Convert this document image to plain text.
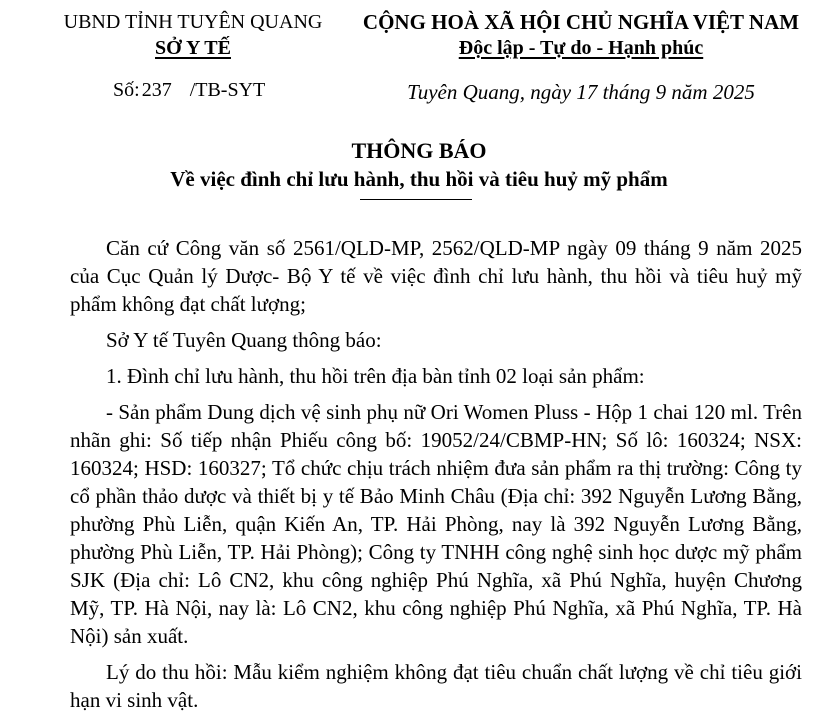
UBND TỈNH TUYÊN QUANG
SỞ Y TẾ
CỘNG HOÀ XÃ HỘI CHỦ NGHĨA VIỆT NAM
Độc lập - Tự do - Hạnh phúc
Số: 237 /TB-SYT	Tuyên Quang, ngày 17 tháng 9 năm 2025
THÔNG BÁO
Về việc đình chỉ lưu hành, thu hồi và tiêu huỷ mỹ phẩm

Căn cứ Công văn số 2561/QLD-MP, 2562/QLD-MP ngày 09 tháng 9 năm 2025 của Cục Quản lý Dược- Bộ Y tế về việc đình chỉ lưu hành, thu hồi và tiêu huỷ mỹ phẩm không đạt chất lượng;

Sở Y tế Tuyên Quang thông báo:

1. Đình chỉ lưu hành, thu hồi trên địa bàn tỉnh 02 loại sản phẩm:

- Sản phẩm Dung dịch vệ sinh phụ nữ Ori Women Pluss - Hộp 1 chai 120 ml. Trên nhãn ghi: Số tiếp nhận Phiếu công bố: 19052/24/CBMP-HN; Số lô: 160324; NSX: 160324; HSD: 160327; Tổ chức chịu trách nhiệm đưa sản phẩm ra thị trường: Công ty cổ phần thảo dược và thiết bị y tế Bảo Minh Châu (Địa chỉ: 392 Nguyễn Lương Bằng, phường Phù Liễn, quận Kiến An, TP. Hải Phòng, nay là 392 Nguyễn Lương Bằng, phường Phù Liễn, TP. Hải Phòng); Công ty TNHH công nghệ sinh học dược mỹ phẩm SJK (Địa chỉ: Lô CN2, khu công nghiệp Phú Nghĩa, xã Phú Nghĩa, huyện Chương Mỹ, TP. Hà Nội, nay là: Lô CN2, khu công nghiệp Phú Nghĩa, xã Phú Nghĩa, TP. Hà Nội) sản xuất.

Lý do thu hồi: Mẫu kiểm nghiệm không đạt tiêu chuẩn chất lượng về chỉ tiêu giới hạn vi sinh vật.
